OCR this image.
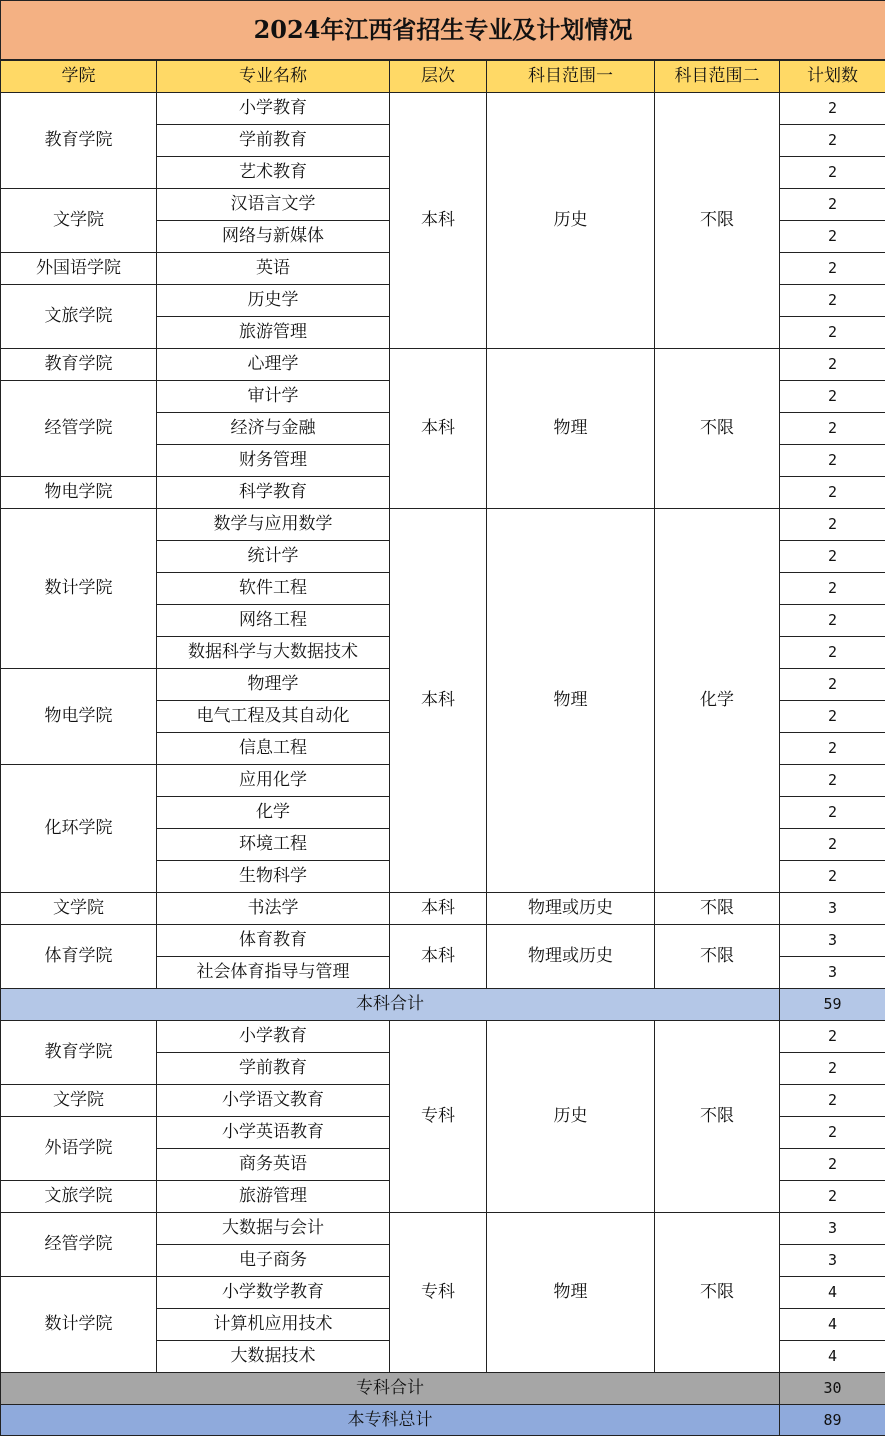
2024年江西省招生专业及计划情况					
学院	专业名称	层次	科目范围一	科目范围二	计划数
教育学院	小学教育	本科	历史	不限	2
	学前教育				2
	艺术教育				2
文学院	汉语言文学				2
	网络与新媒体				2
外国语学院	英语				2
文旅学院	历史学				2
	旅游管理				2
教育学院	心理学	本科	物理	不限	2
经管学院	审计学				2
	经济与金融				2
	财务管理				2
物电学院	科学教育				2
数计学院	数学与应用数学	本科	物理	化学	2
	统计学				2
	软件工程				2
	网络工程				2
	数据科学与大数据技术				2
物电学院	物理学				2
	电气工程及其自动化				2
	信息工程				2
化环学院	应用化学				2
	化学				2
	环境工程				2
	生物科学				2
文学院	书法学	本科	物理或历史	不限	3
体育学院	体育教育	本科	物理或历史	不限	3
	社会体育指导与管理				3
本科合计					59
教育学院	小学教育	专科	历史	不限	2
	学前教育				2
文学院	小学语文教育				2
外语学院	小学英语教育				2
	商务英语				2
文旅学院	旅游管理				2
经管学院	大数据与会计	专科	物理	不限	3
	电子商务				3
数计学院	小学数学教育				4
	计算机应用技术				4
	大数据技术				4
专科合计					30
本专科总计					89
